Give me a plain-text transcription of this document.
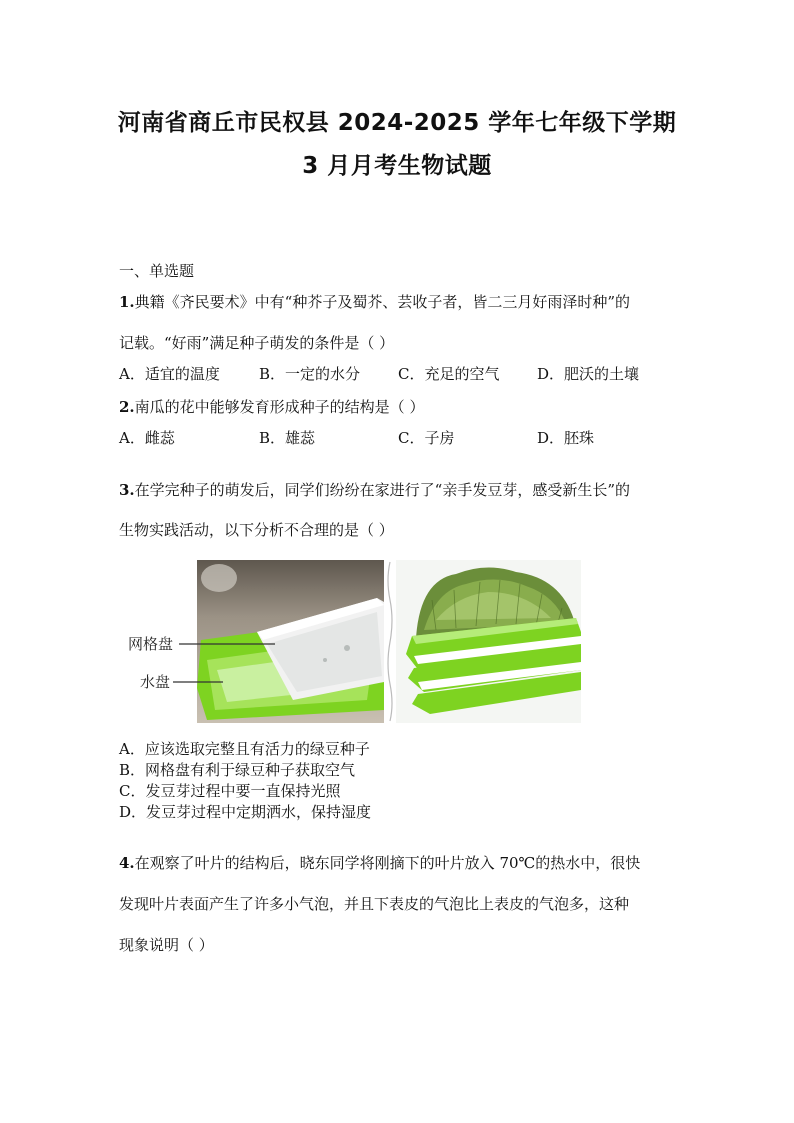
河南省商丘市民权县 2024-2025 学年七年级下学期
3 月月考生物试题
一、单选题
1.典籍《齐民要术》中有“种芥子及蜀芥、芸收子者，皆二三月好雨泽时种”的
记载。“好雨”满足种子萌发的条件是（ ）
A．适宜的温度	B．一定的水分	C．充足的空气	D．肥沃的土壤
2.南瓜的花中能够发育形成种子的结构是（ ）
A．雌蕊	B．雄蕊	C．子房	D．胚珠
3.在学完种子的萌发后，同学们纷纷在家进行了“亲手发豆芽，感受新生长”的
生物实践活动，以下分析不合理的是（ ）
网格盘
水盘
A．应该选取完整且有活力的绿豆种子
B．网格盘有利于绿豆种子获取空气
C．发豆芽过程中要一直保持光照
D．发豆芽过程中定期洒水，保持湿度
4.在观察了叶片的结构后，晓东同学将刚摘下的叶片放入 70℃的热水中，很快
发现叶片表面产生了许多小气泡，并且下表皮的气泡比上表皮的气泡多，这种
现象说明（ ）
